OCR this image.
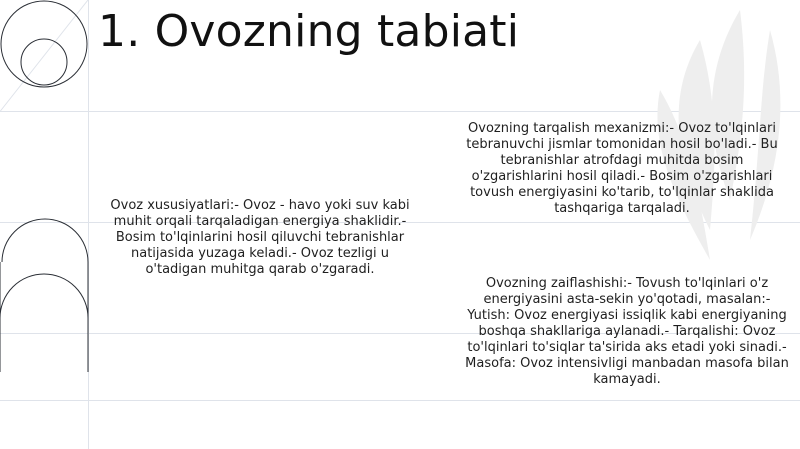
1. Ovozning tabiati

Ovoz xususiyatlari:- Ovoz - havo yoki suv kabi muhit orqali tarqaladigan energiya shaklidir.- Bosim to'lqinlarini hosil qiluvchi tebranishlar natijasida yuzaga keladi.- Ovoz tezligi u o'tadigan muhitga qarab o'zgaradi.

Ovozning tarqalish mexanizmi:- Ovoz to'lqinlari tebranuvchi jismlar tomonidan hosil bo'ladi.- Bu tebranishlar atrofdagi muhitda bosim o'zgarishlarini hosil qiladi.- Bosim o'zgarishlari tovush energiyasini ko'tarib, to'lqinlar shaklida tashqariga tarqaladi.

Ovozning zaiflashishi:- Tovush to'lqinlari o'z energiyasini asta-sekin yo'qotadi, masalan:- Yutish: Ovoz energiyasi issiqlik kabi energiyaning boshqa shakllariga aylanadi.- Tarqalishi: Ovoz to'lqinlari to'siqlar ta'sirida aks etadi yoki sinadi.- Masofa: Ovoz intensivligi manbadan masofa bilan kamayadi.
